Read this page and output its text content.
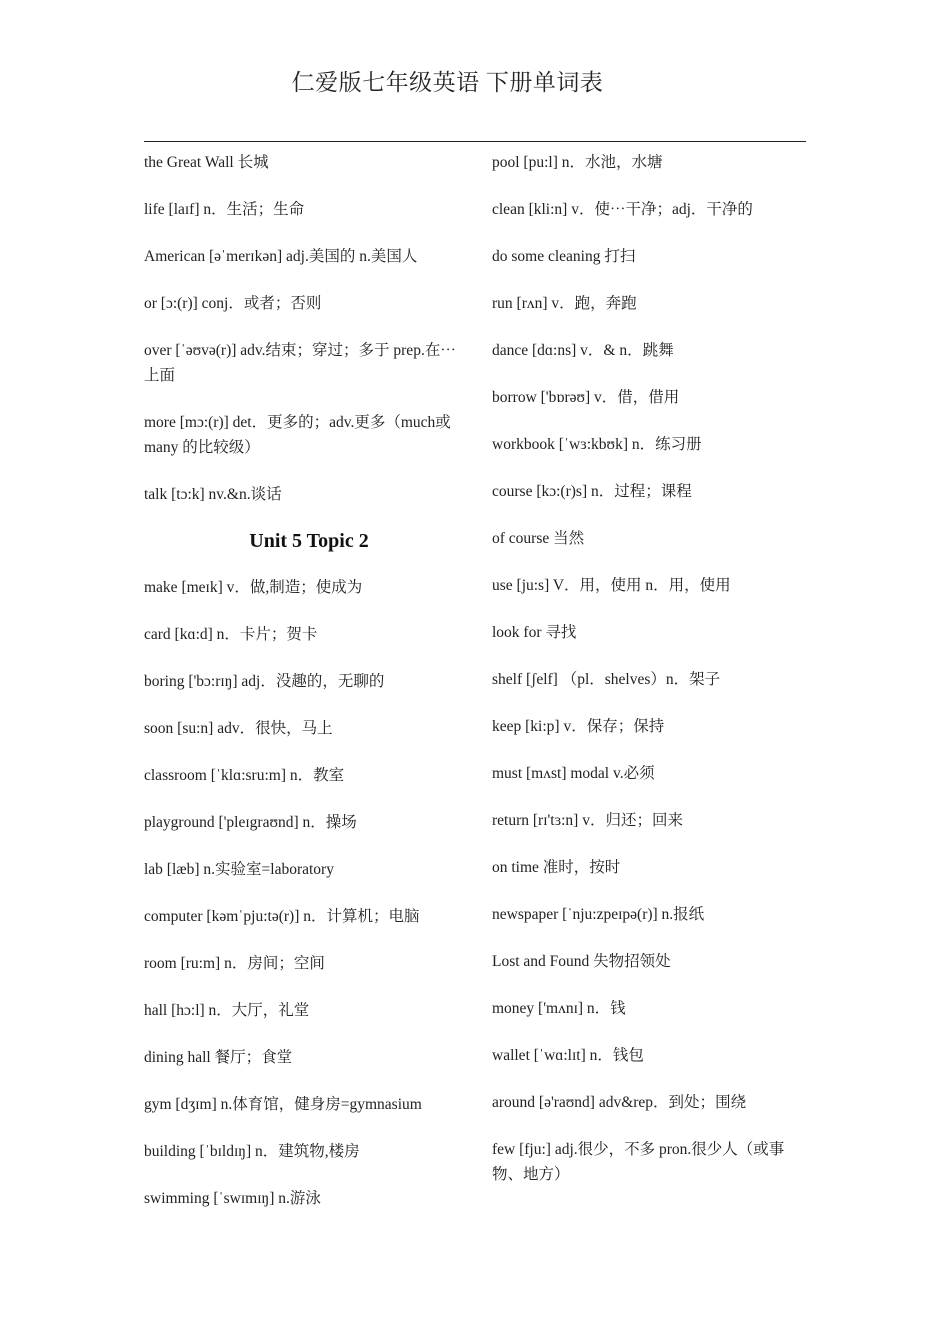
仁爱版七年级英语 下册单词表
the Great Wall 长城
life [laɪf] n．生活；生命
American [əˈmerɪkən] adj.美国的 n.美国人
or [ɔ:(r)] conj．或者；否则
over [ˈəʊvə(r)] adv.结束；穿过；多于 prep.在⋯上面
more [mɔ:(r)] det．更多的；adv.更多（much或 many 的比较级）
talk [tɔ:k] nv.&n.谈话
Unit 5 Topic 2
make [meɪk] v．做,制造；使成为
card [kɑ:d] n．卡片；贺卡
boring ['bɔ:rɪŋ] adj．没趣的，无聊的
soon [su:n] adv．很快，马上
classroom [ˈklɑ:sru:m] n．教室
playground ['pleɪgraʊnd] n．操场
lab [læb] n.实验室=laboratory
computer [kəmˈpju:tə(r)] n．计算机；电脑
room [ru:m] n．房间；空间
hall [hɔ:l] n．大厅，礼堂
dining hall 餐厅；食堂
gym [dʒɪm] n.体育馆，健身房=gymnasium
building [ˈbɪldɪŋ] n．建筑物,楼房
swimming [ˈswɪmɪŋ] n.游泳
pool [pu:l] n．水池，水塘
clean [kli:n] v．使⋯干净；adj．干净的
do some cleaning 打扫
run [rʌn] v．跑，奔跑
dance [dɑ:ns] v．& n．跳舞
borrow ['bɒrəʊ] v．借，借用
workbook [ˈwɜ:kbʊk] n．练习册
course [kɔ:(r)s] n．过程；课程
of course 当然
use [ju:s] V．用，使用 n．用，使用
look for 寻找
shelf [ʃelf] （pl．shelves）n．架子
keep [ki:p] v．保存；保持
must [mʌst] modal v.必须
return [rɪ'tɜ:n] v．归还；回来
on time 准时，按时
newspaper [ˈnju:zpeɪpə(r)] n.报纸
Lost and Found 失物招领处
money ['mʌnɪ] n．钱
wallet [ˈwɑ:lɪt] n．钱包
around [ə'raʊnd] adv&rep．到处；围绕
few [fju:] adj.很少，不多 pron.很少人（或事物、地方）
